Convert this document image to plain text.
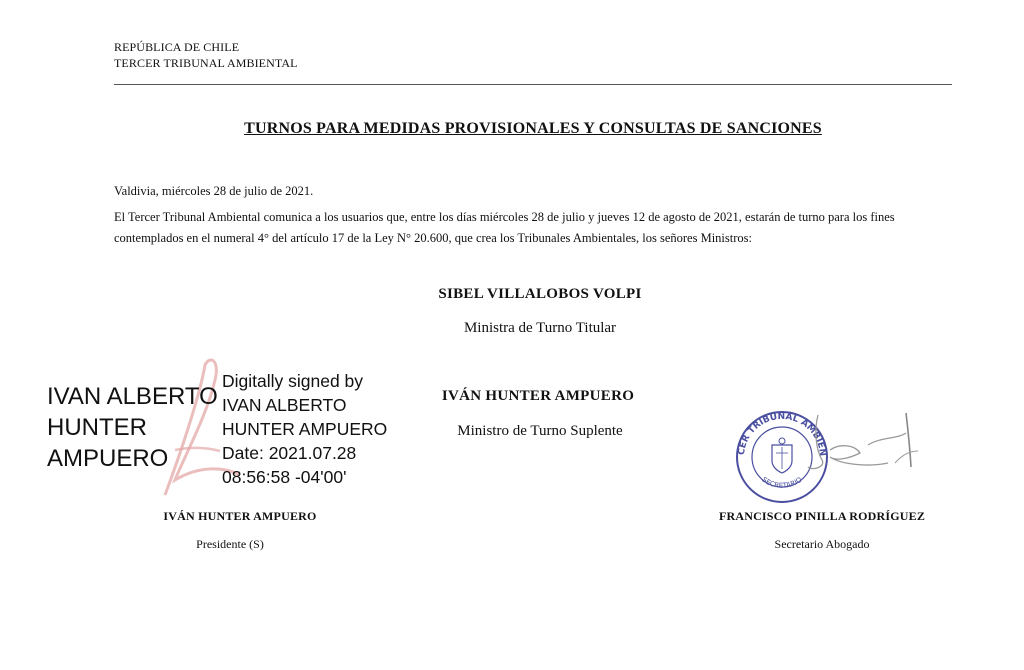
REPÚBLICA DE CHILE
TERCER TRIBUNAL AMBIENTAL
TURNOS PARA MEDIDAS PROVISIONALES Y CONSULTAS DE SANCIONES
Valdivia, miércoles 28 de julio de 2021.
El Tercer Tribunal Ambiental comunica a los usuarios que, entre los días miércoles 28 de julio y jueves 12 de agosto de 2021, estarán de turno para los fines contemplados en el numeral 4° del artículo 17 de la Ley N° 20.600, que crea los Tribunales Ambientales, los señores Ministros:
SIBEL VILLALOBOS VOLPI
Ministra de Turno Titular
IVÁN HUNTER AMPUERO
Ministro de Turno Suplente
IVAN ALBERTO
HUNTER
AMPUERO
Digitally signed by
IVAN ALBERTO
HUNTER AMPUERO
Date: 2021.07.28
08:56:58 -04'00'
IVÁN HUNTER AMPUERO
Presidente (S)
CER TRIBUNAL AMBIEN
SECRETARIO
FRANCISCO PINILLA RODRÍGUEZ
Secretario Abogado
